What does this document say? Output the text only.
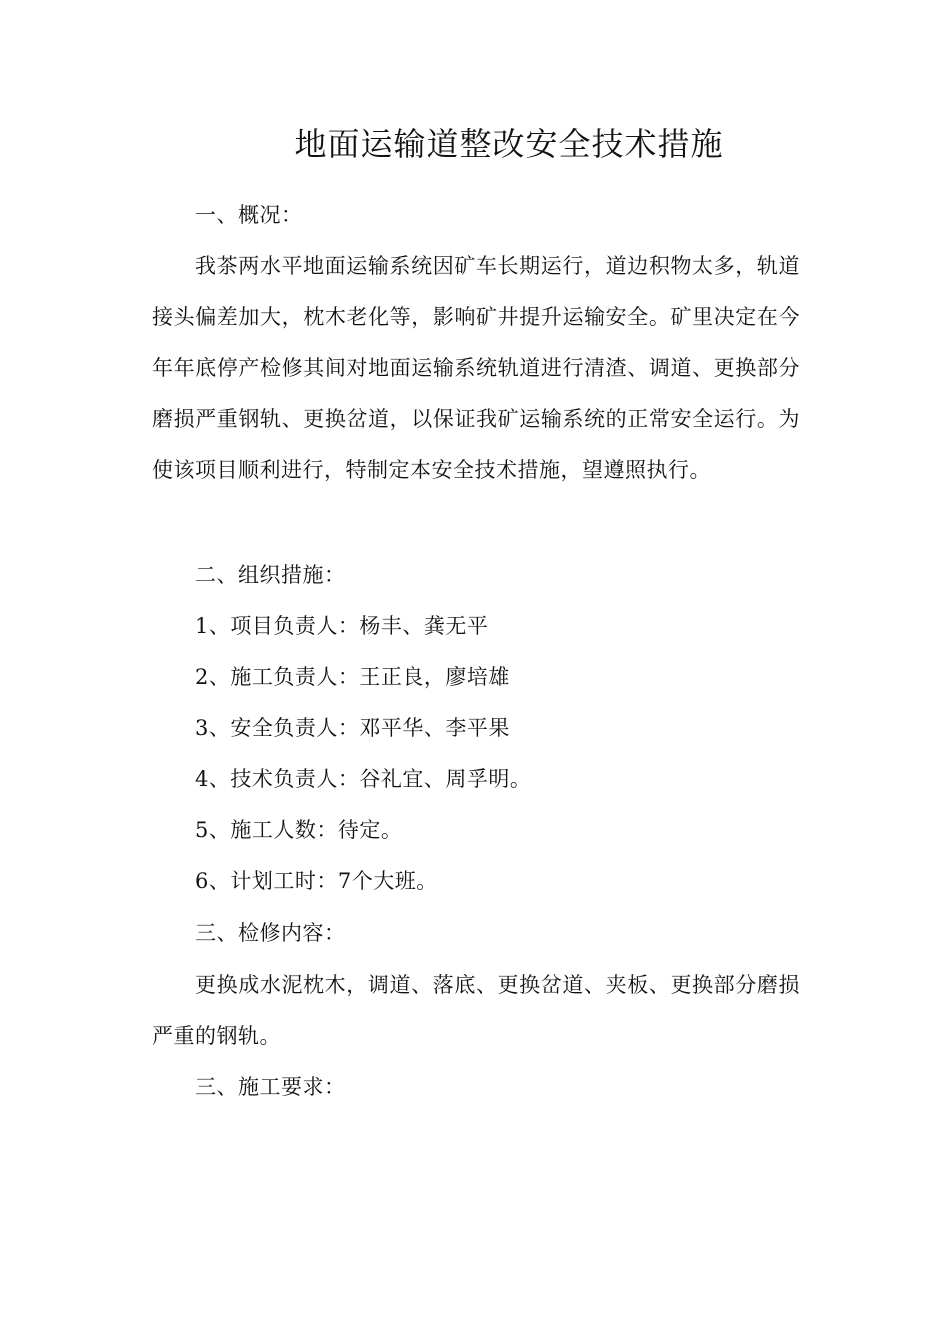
地面运输道整改安全技术措施
一、概况：
我茶两水平地面运输系统因矿车长期运行，道边积物太多，轨道接头偏差加大，枕木老化等，影响矿井提升运输安全。矿里决定在今年年底停产检修其间对地面运输系统轨道进行清渣、调道、更换部分磨损严重钢轨、更换岔道，以保证我矿运输系统的正常安全运行。为使该项目顺利进行，特制定本安全技术措施，望遵照执行。
二、组织措施：
1、项目负责人：杨丰、龚无平
2、施工负责人：王正良，廖培雄
3、安全负责人：邓平华、李平果
4、技术负责人：谷礼宜、周孚明。
5、施工人数：待定。
6、计划工时：7个大班。
三、检修内容：
更换成水泥枕木，调道、落底、更换岔道、夹板、更换部分磨损严重的钢轨。
三、施工要求：
